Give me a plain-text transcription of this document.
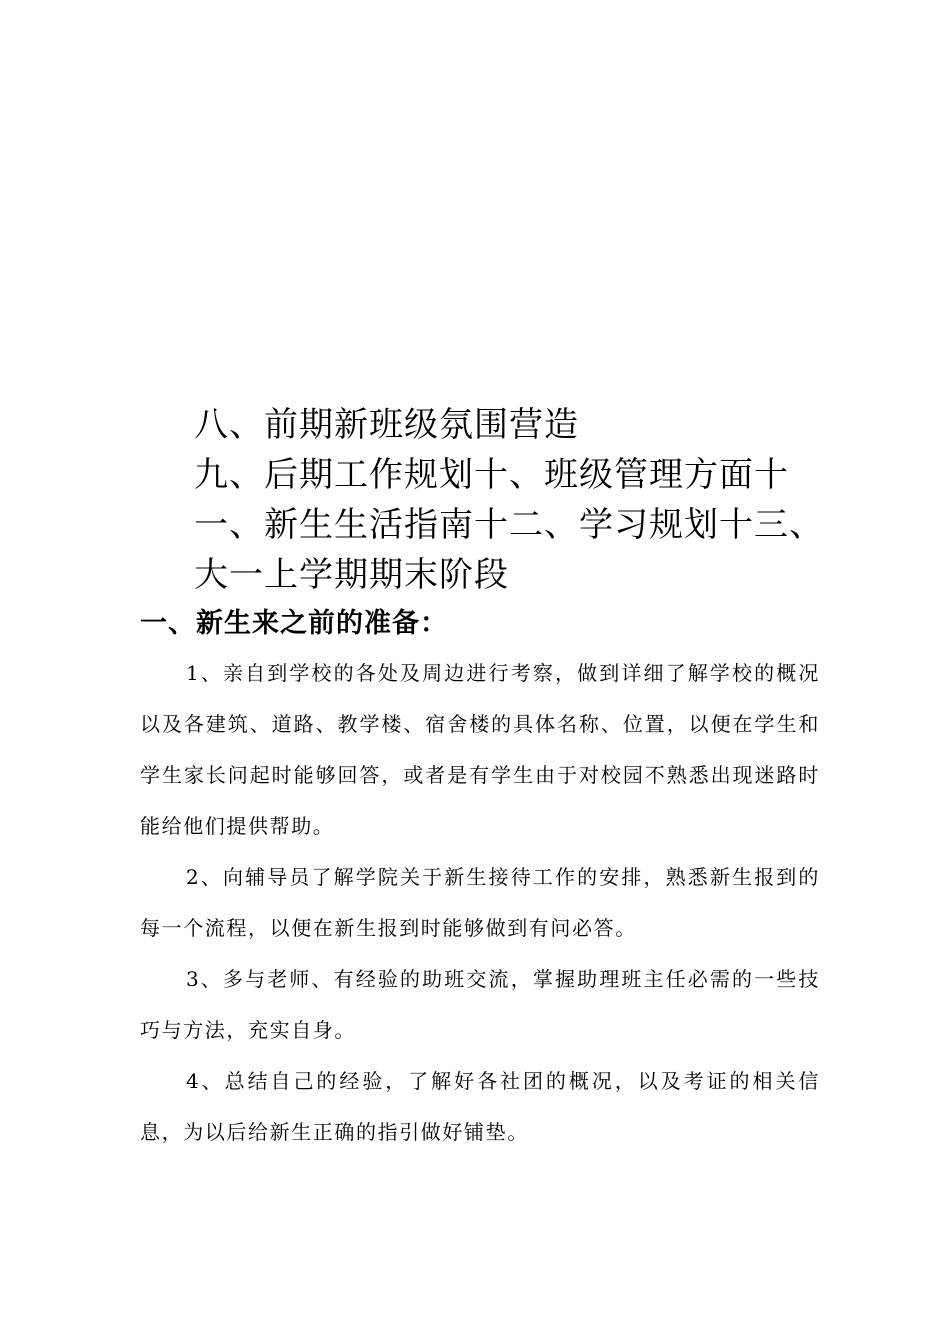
八、前期新班级氛围营造
九、后期工作规划十、班级管理方面十
一、新生生活指南十二、学习规划十三、
大一上学期期末阶段
一、新生来之前的准备：

1、亲自到学校的各处及周边进行考察，做到详细了解学校的概况以及各建筑、道路、教学楼、宿舍楼的具体名称、位置，以便在学生和学生家长问起时能够回答，或者是有学生由于对校园不熟悉出现迷路时能给他们提供帮助。

2、向辅导员了解学院关于新生接待工作的安排，熟悉新生报到的每一个流程，以便在新生报到时能够做到有问必答。

3、多与老师、有经验的助班交流，掌握助理班主任必需的一些技巧与方法，充实自身。

4、总结自己的经验，了解好各社团的概况，以及考证的相关信息，为以后给新生正确的指引做好铺垫。
